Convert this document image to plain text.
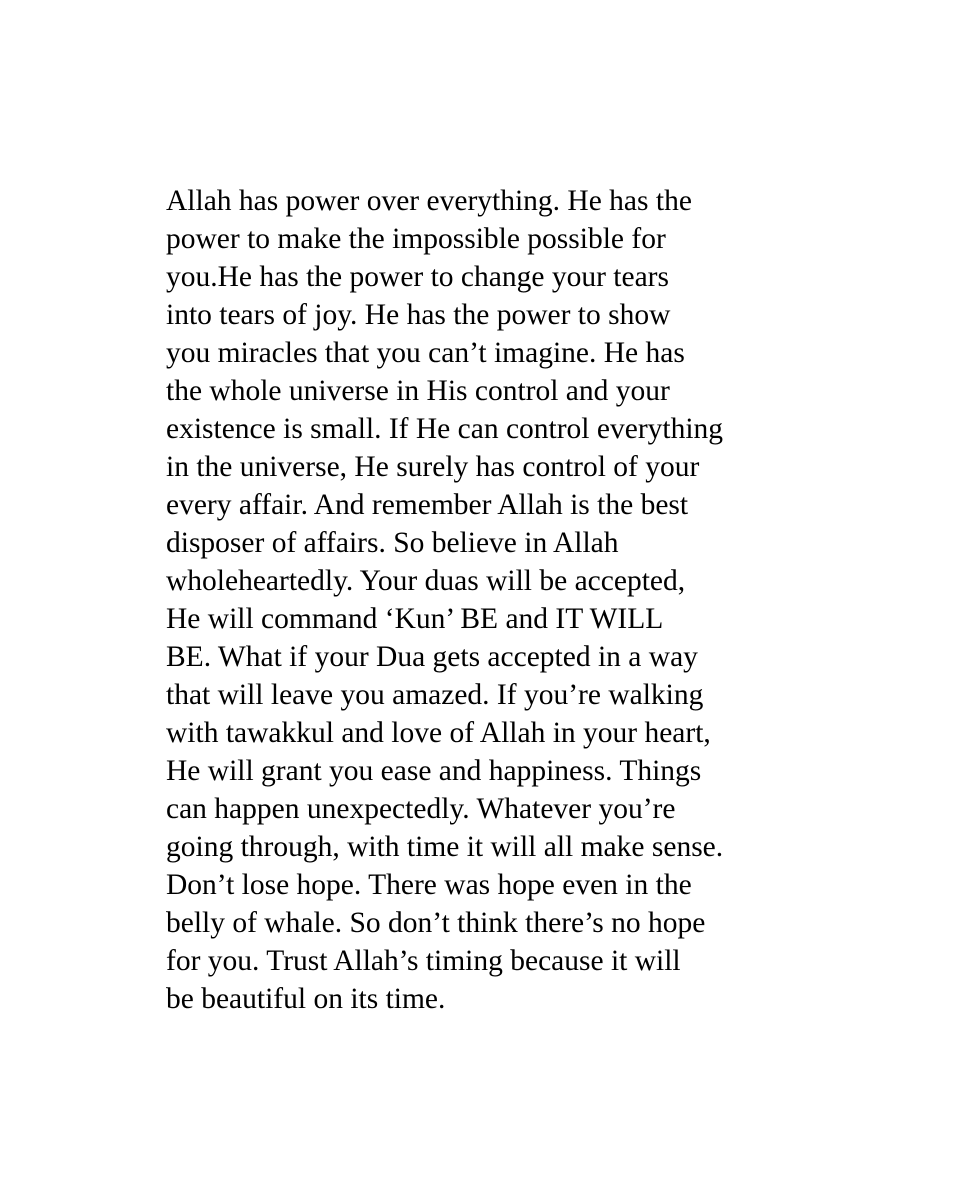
Allah has power over everything. He has the
power to make the impossible possible for
you.He has the power to change your tears
into tears of joy. He has the power to show
you miracles that you can’t imagine. He has
the whole universe in His control and your
existence is small. If He can control everything
in the universe, He surely has control of your
every affair. And remember Allah is the best
disposer of affairs. So believe in Allah
wholeheartedly. Your duas will be accepted,
He will command ‘Kun’ BE and IT WILL
BE. What if your Dua gets accepted in a way
that will leave you amazed. If you’re walking
with tawakkul and love of Allah in your heart,
He will grant you ease and happiness. Things
can happen unexpectedly. Whatever you’re
going through, with time it will all make sense.
Don’t lose hope. There was hope even in the
belly of whale. So don’t think there’s no hope
for you. Trust Allah’s timing because it will
be beautiful on its time.
